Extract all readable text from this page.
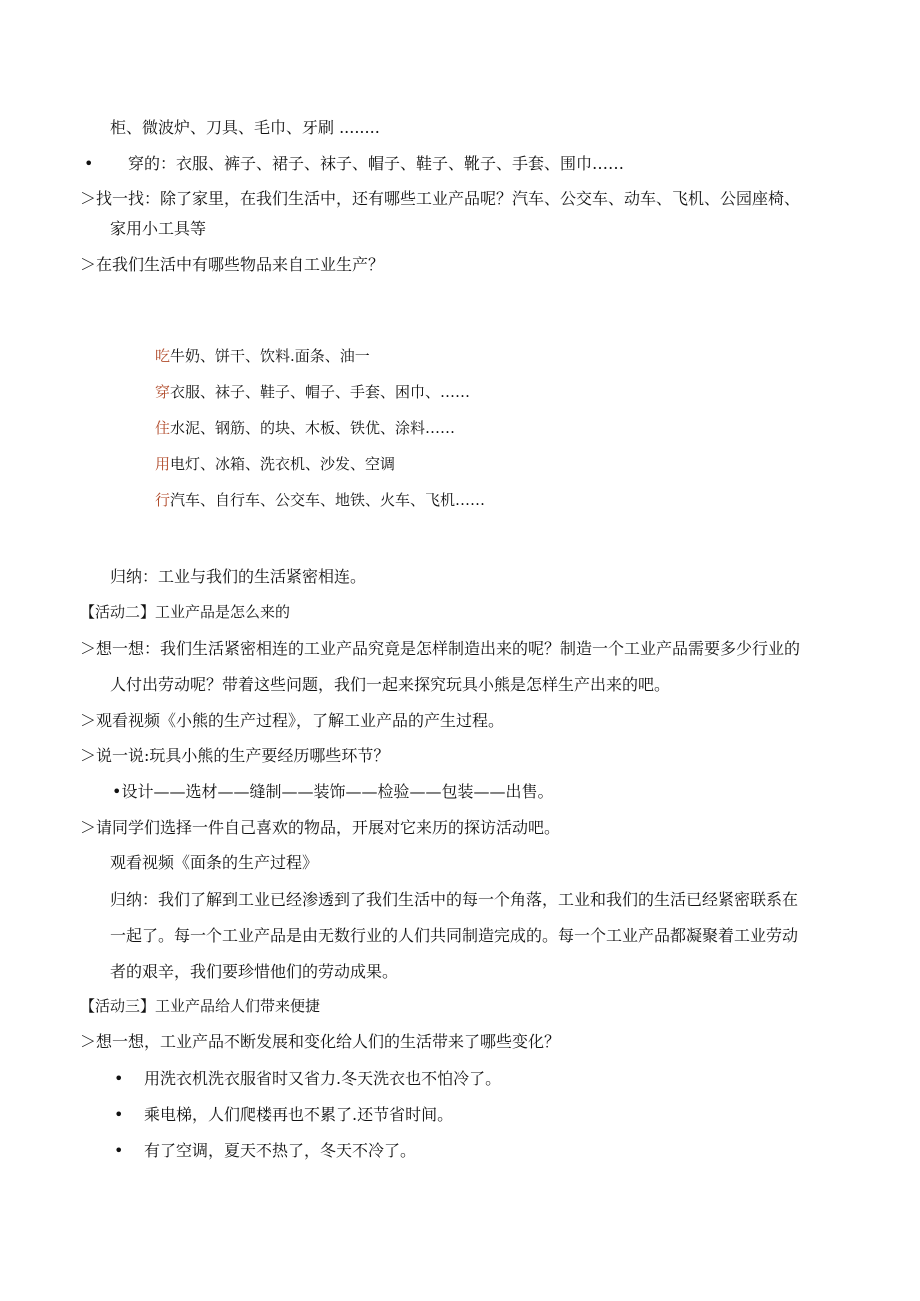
柜、微波炉、刀具、毛巾、牙刷 ........
• 穿的：衣服、裤子、裙子、袜子、帽子、鞋子、靴子、手套、围巾……
＞找一找：除了家里，在我们生活中，还有哪些工业产品呢？汽车、公交车、动车、飞机、公园座椅、
家用小工具等
＞在我们生活中有哪些物品来自工业生产？
吃牛奶、饼干、饮料.面条、油一
穿衣服、袜子、鞋子、帽子、手套、困巾、……
住水泥、钢筋、的块、木板、铁优、涂料……
用电灯、冰箱、洗衣机、沙发、空调
行汽车、自行车、公交车、地铁、火车、飞机……
归纳：工业与我们的生活紧密相连。
【活动二】工业产品是怎么来的
＞想一想：我们生活紧密相连的工业产品究竟是怎样制造出来的呢？制造一个工业产品需要多少行业的
人付出劳动呢？带着这些问题，我们一起来探究玩具小熊是怎样生产出来的吧。
＞观看视频《小熊的生产过程》，了解工业产品的产生过程。
＞说一说:玩具小熊的生产要经历哪些环节？
•设计——选材——缝制——装饰——检验——包装——出售。
＞请同学们选择一件自己喜欢的物品，开展对它来历的探访活动吧。
观看视频《面条的生产过程》
归纳：我们了解到工业已经渗透到了我们生活中的每一个角落，工业和我们的生活已经紧密联系在
一起了。每一个工业产品是由无数行业的人们共同制造完成的。每一个工业产品都凝聚着工业劳动
者的艰辛，我们要珍惜他们的劳动成果。
【活动三】工业产品给人们带来便捷
＞想一想，工业产品不断发展和变化给人们的生活带来了哪些变化？
• 用洗衣机洗衣服省时又省力.冬天洗衣也不怕冷了。
• 乘电梯，人们爬楼再也不累了.还节省时间。
• 有了空调，夏天不热了，冬天不冷了。
